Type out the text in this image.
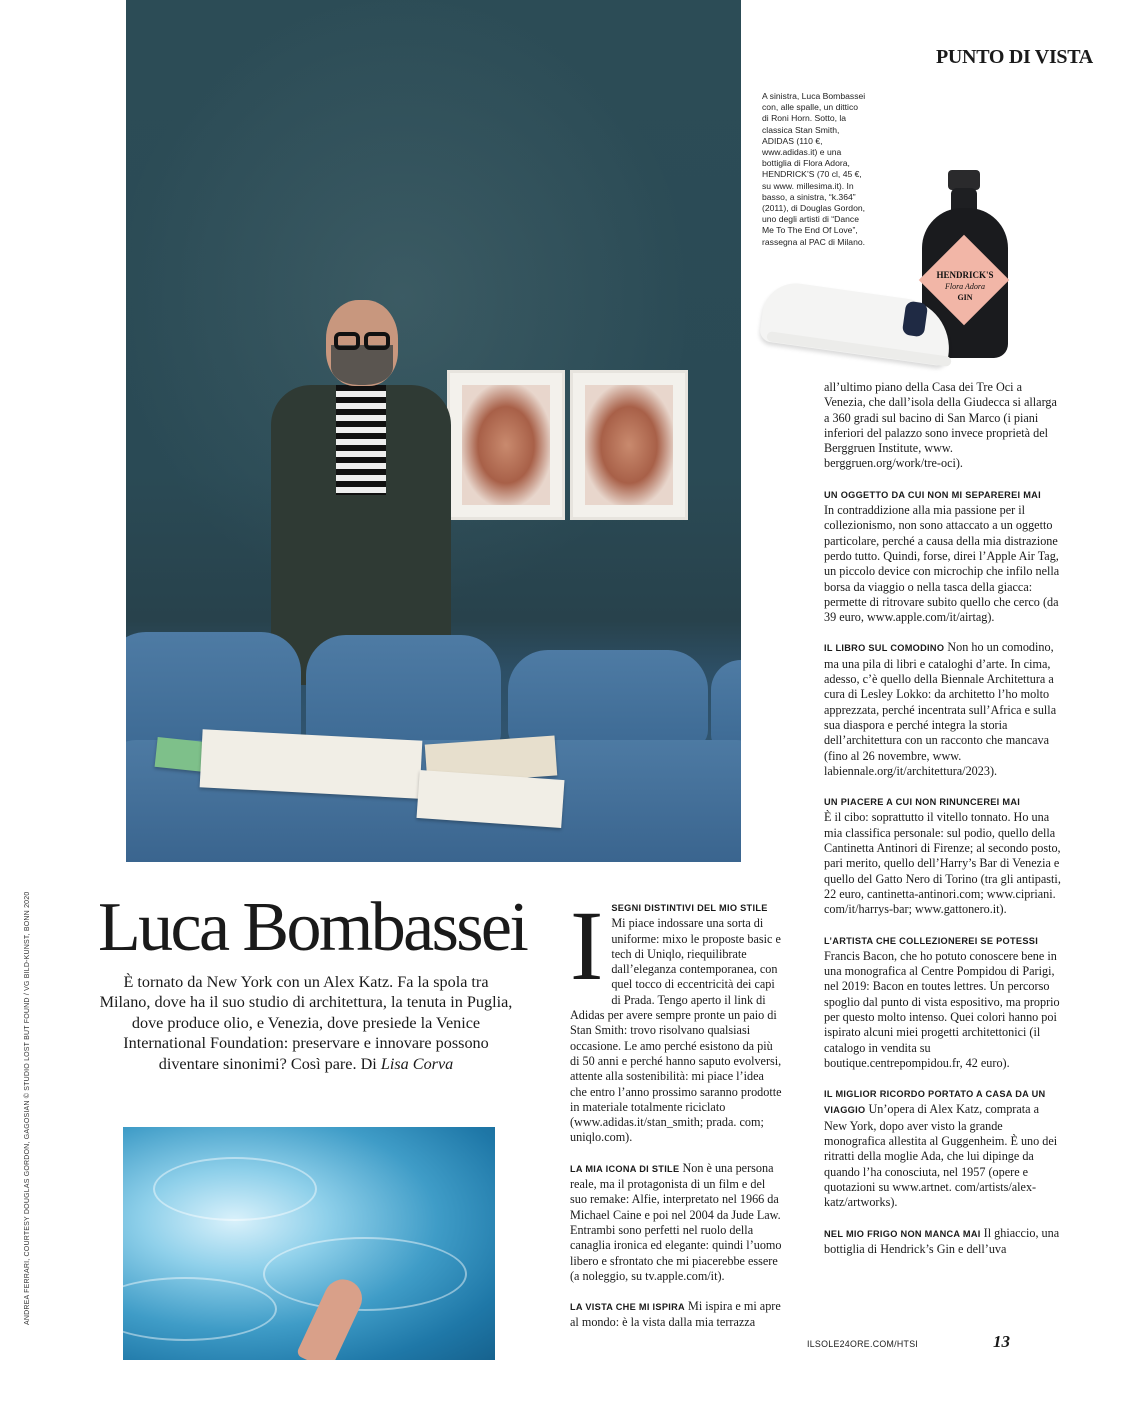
PUNTO DI VISTA
A sinistra, Luca Bombassei con, alle spalle, un dittico di Roni Horn. Sotto, la classica Stan Smith, ADIDAS (110 €, www.adidas.it) e una bottiglia di Flora Adora, HENDRICK’S (70 cl, 45 €, su www. millesima.it). In basso, a sinistra, “k.364” (2011), di Douglas Gordon, uno degli artisti di “Dance Me To The End Of Love”, rassegna al PAC di Milano.
HENDRICK'S
Flora Adora
GIN
ANDREA FERRARI, COURTESY DOUGLAS GORDON, GAGOSIAN © STUDIO LOST BUT FOUND / VG BILD-KUNST, BONN 2020 Luca Bombassei
È tornato da New York con un Alex Katz. Fa la spola tra Milano, dove ha il suo studio di architettura, la tenuta in Puglia, dove produce olio, e Venezia, dove presiede la Venice International Foundation: preservare e innovare possono diventare sinonimi? Così pare. Di Lisa Corva
I SEGNI DISTINTIVI DEL MIO STILE Mi piace indossare una sorta di uniforme: mixo le proposte basic e tech di Uniqlo, riequilibrate dall’eleganza contemporanea, con quel tocco di eccentricità dei capi di Prada. Tengo aperto il link di Adidas per avere sempre pronte un paio di Stan Smith: trovo risolvano qualsiasi occasione. Le amo perché esistono da più di 50 anni e perché hanno saputo evolversi, attente alla sostenibilità: mi piace l’idea che entro l’anno prossimo saranno prodotte in materiale totalmente riciclato (www.adidas.it/stan_smith; prada. com; uniqlo.com).

LA MIA ICONA DI STILE Non è una persona reale, ma il protagonista di un film e del suo remake: Alfie, interpretato nel 1966 da Michael Caine e poi nel 2004 da Jude Law. Entrambi sono perfetti nel ruolo della canaglia ironica ed elegante: quindi l’uomo libero e sfrontato che mi piacerebbe essere (a noleggio, su tv.apple.com/it).

LA VISTA CHE MI ISPIRA Mi ispira e mi apre al mondo: è la vista dalla mia terrazza

all’ultimo piano della Casa dei Tre Oci a Venezia, che dall’isola della Giudecca si allarga a 360 gradi sul bacino di San Marco (i piani inferiori del palazzo sono invece proprietà del Berggruen Institute, www. berggruen.org/work/tre-oci).

UN OGGETTO DA CUI NON MI SEPAREREI MAI
In contraddizione alla mia passione per il collezionismo, non sono attaccato a un oggetto particolare, perché a causa della mia distrazione perdo tutto. Quindi, forse, direi l’Apple Air Tag, un piccolo device con microchip che infilo nella borsa da viaggio o nella tasca della giacca: permette di ritrovare subito quello che cerco (da 39 euro, www.apple.com/it/airtag).

IL LIBRO SUL COMODINO Non ho un comodino, ma una pila di libri e cataloghi d’arte. In cima, adesso, c’è quello della Biennale Architettura a cura di Lesley Lokko: da architetto l’ho molto apprezzata, perché incentrata sull’Africa e sulla sua diaspora e perché integra la storia dell’architettura con un racconto che mancava (fino al 26 novembre, www. labiennale.org/it/architettura/2023).

UN PIACERE A CUI NON RINUNCEREI MAI
È il cibo: soprattutto il vitello tonnato. Ho una mia classifica personale: sul podio, quello della Cantinetta Antinori di Firenze; al secondo posto, pari merito, quello dell’Harry’s Bar di Venezia e quello del Gatto Nero di Torino (tra gli antipasti, 22 euro, cantinetta-antinori.com; www.cipriani. com/it/harrys-bar; www.gattonero.it).

L’ARTISTA CHE COLLEZIONEREI SE POTESSI
Francis Bacon, che ho potuto conoscere bene in una monografica al Centre Pompidou di Parigi, nel 2019: Bacon en toutes lettres. Un percorso spoglio dal punto di vista espositivo, ma proprio per questo molto intenso. Quei colori hanno poi ispirato alcuni miei progetti architettonici (il catalogo in vendita su boutique.centrepompidou.fr, 42 euro).

IL MIGLIOR RICORDO PORTATO A CASA DA UN VIAGGIO Un’opera di Alex Katz, comprata a New York, dopo aver visto la grande monografica allestita al Guggenheim. È uno dei ritratti della moglie Ada, che lui dipinge da quando l’ha conosciuta, nel 1957 (opere e quotazioni su www.artnet. com/artists/alex-katz/artworks).

NEL MIO FRIGO NON MANCA MAI Il ghiaccio, una bottiglia di Hendrick’s Gin e dell’uva

ILSOLE24ORE.COM/HTSI	13
